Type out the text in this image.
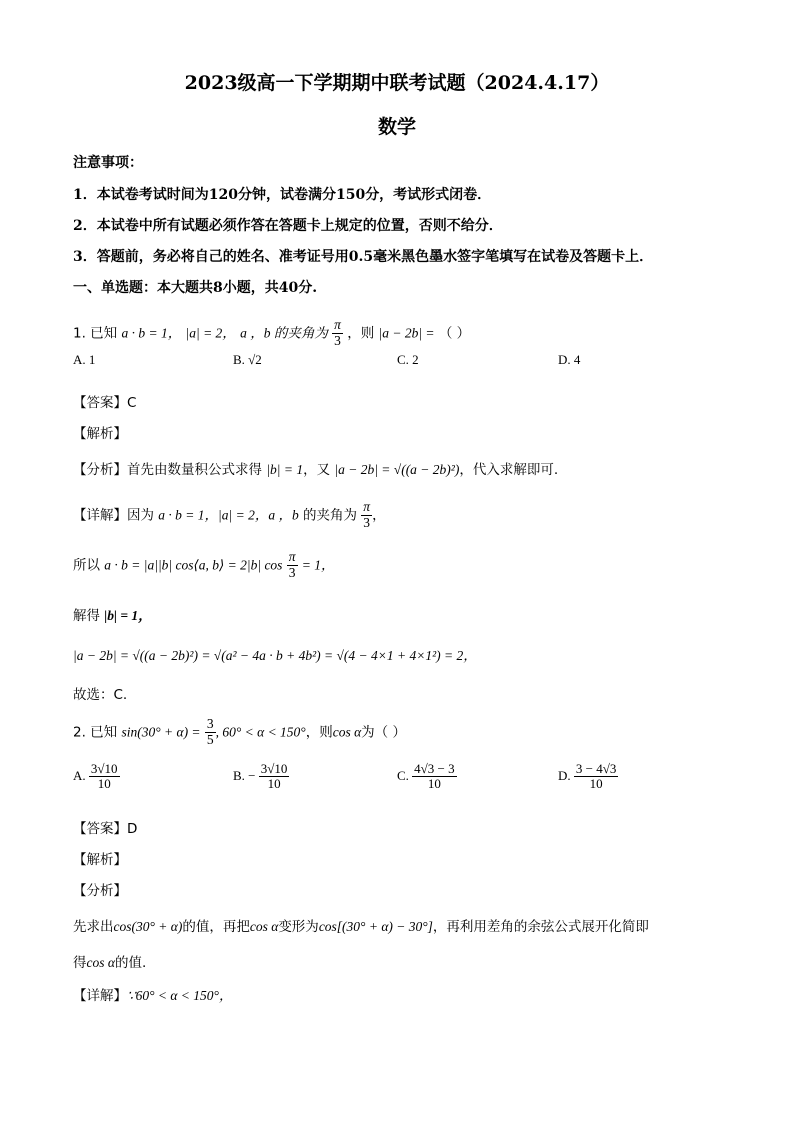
2023级高一下学期期中联考试题（2024.4.17）
数学
注意事项：
1．本试卷考试时间为120分钟，试卷满分150分，考试形式闭卷．
2．本试卷中所有试题必须作答在答题卡上规定的位置，否则不给分．
3．答题前，务必将自己的姓名、准考证号用0.5毫米黑色墨水签字笔填写在试卷及答题卡上．
一、单选题：本大题共8小题，共40分.
1. 已知 a · b = 1， |a| = 2， a ，b 的夹角为 $\frac{\pi}{3}$ ，则 |a − 2b| = （ ）
A. 1	B. √2	C. 2	D. 4
【答案】C
【解析】
【分析】首先由数量积公式求得 |b| = 1，又 |a − 2b| = √((a − 2b)²)，代入求解即可.
【详解】因为 a · b = 1，|a| = 2，a ，b 的夹角为 $\frac{\pi}{3}$ ，
所以 a · b = |a||b| cos⟨a, b⟩ = 2|b| $\cos \frac{\pi}{3} = 1$，
解得 |b| = 1，
|a − 2b| = √((a − 2b)²) = √(a² − 4a · b + 4b²) = √(4 − 4×1 + 4×1²) = 2，
故选：C.
2. 已知 $\sin(30^\circ + \alpha) = \frac{3}{5}$ , 60° < α < 150°，则cos α为（ ）
A. $\frac{3√10}{10}$	B. − $\frac{3√10}{10}$	C. $\frac{4√3 - 3}{10}$	D. $\frac{3 - 4√3}{10}$
【答案】D
【解析】
【分析】
先求出cos(30° + α)的值，再把cos α变形为cos[(30° + α) − 30°]，再利用差角的余弦公式展开化简即
得cos α的值.
【详解】∵60° < α < 150°，
